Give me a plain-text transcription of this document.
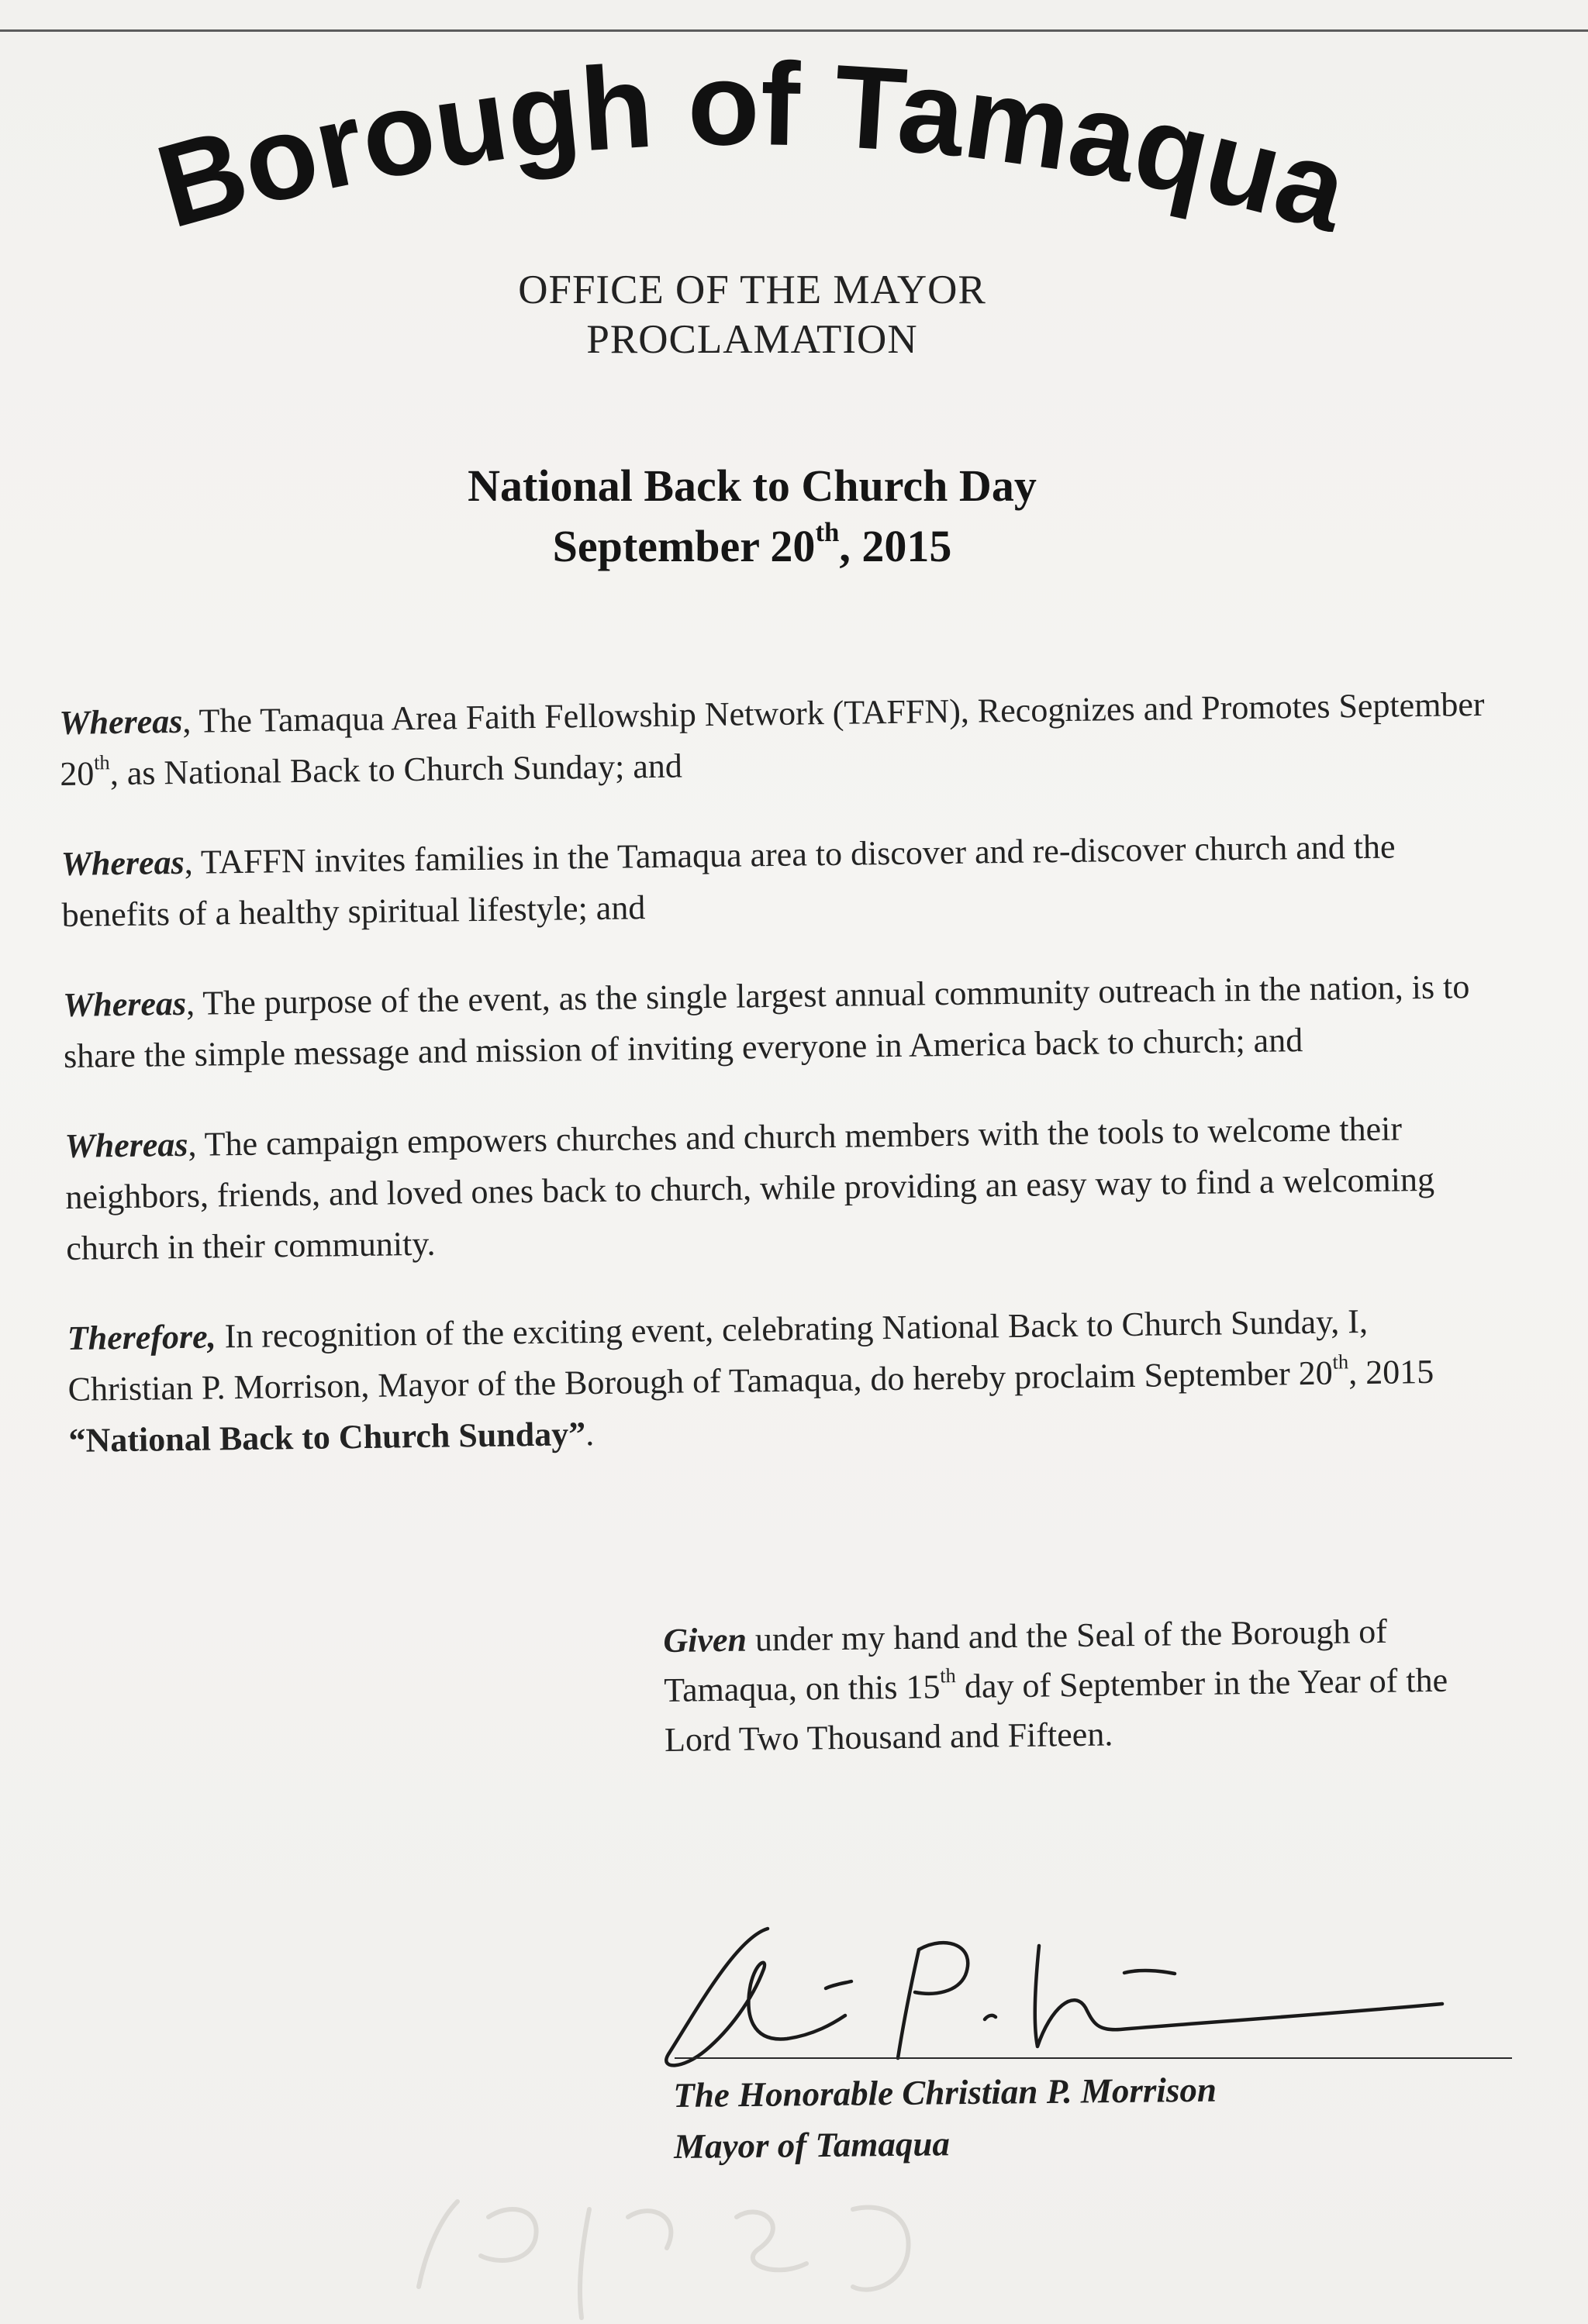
Borough of Tamaqua
OFFICE OF THE MAYOR
PROCLAMATION
National Back to Church Day
September 20th, 2015

Whereas, The Tamaqua Area Faith Fellowship Network (TAFFN), Recognizes and Promotes September 20th, as National Back to Church Sunday; and

Whereas, TAFFN invites families in the Tamaqua area to discover and re-discover church and the benefits of a healthy spiritual lifestyle; and

Whereas, The purpose of the event, as the single largest annual community outreach in the nation, is to share the simple message and mission of inviting everyone in America back to church; and

Whereas, The campaign empowers churches and church members with the tools to welcome their neighbors, friends, and loved ones back to church, while providing an easy way to find a welcoming church in their community.

Therefore, In recognition of the exciting event, celebrating National Back to Church Sunday, I, Christian P. Morrison, Mayor of the Borough of Tamaqua, do hereby proclaim September 20th, 2015 “National Back to Church Sunday”.

Given under my hand and the Seal of the Borough of Tamaqua, on this 15th day of September in the Year of the Lord Two Thousand and Fifteen.
The Honorable Christian P. Morrison
Mayor of Tamaqua
